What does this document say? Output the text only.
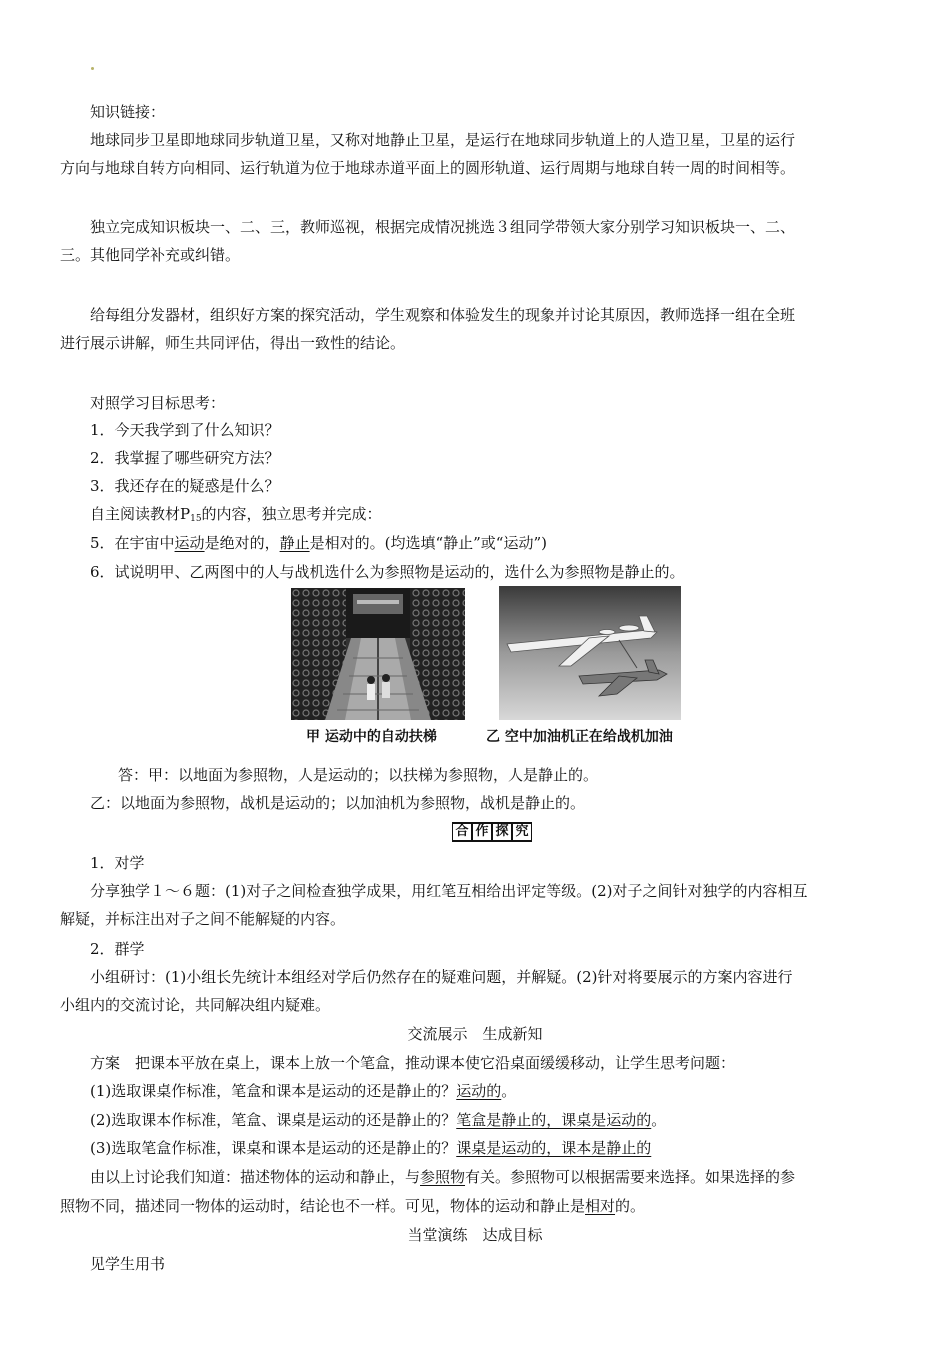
知识链接：
地球同步卫星即地球同步轨道卫星，又称对地静止卫星，是运行在地球同步轨道上的人造卫星，卫星的运行
方向与地球自转方向相同、运行轨道为位于地球赤道平面上的圆形轨道、运行周期与地球自转一周的时间相等。
独立完成知识板块一、二、三，教师巡视，根据完成情况挑选３组同学带领大家分别学习知识板块一、二、
三。其他同学补充或纠错。
给每组分发器材，组织好方案的探究活动，学生观察和体验发生的现象并讨论其原因，教师选择一组在全班
进行展示讲解，师生共同评估，得出一致性的结论。
对照学习目标思考：
1．今天我学到了什么知识？
2．我掌握了哪些研究方法？
3．我还存在的疑惑是什么？
自主阅读教材$P_{15}$的内容，独立思考并完成：
5．在宇宙中运动是绝对的，静止是相对的。(均选填“静止”或“运动”)
6．试说明甲、乙两图中的人与战机选什么为参照物是运动的，选什么为参照物是静止的。
甲 运动中的自动扶梯	乙 空中加油机正在给战机加油
答：甲：以地面为参照物，人是运动的；以扶梯为参照物，人是静止的。
乙：以地面为参照物，战机是运动的；以加油机为参照物，战机是静止的。
合 作 探 究
1．对学
分享独学１～６题：(1)对子之间检查独学成果，用红笔互相给出评定等级。(2)对子之间针对独学的内容相互
解疑，并标注出对子之间不能解疑的内容。
2．群学
小组研讨：(1)小组长先统计本组经对学后仍然存在的疑难问题，并解疑。(2)针对将要展示的方案内容进行
小组内的交流讨论，共同解决组内疑难。
交流展示　生成新知
方案　把课本平放在桌上，课本上放一个笔盒，推动课本使它沿桌面缓缓移动，让学生思考问题：
(1)选取课桌作标准，笔盒和课本是运动的还是静止的？运动的。
(2)选取课本作标准，笔盒、课桌是运动的还是静止的？笔盒是静止的，课桌是运动的。
(3)选取笔盒作标准，课桌和课本是运动的还是静止的？课桌是运动的，课本是静止的
由以上讨论我们知道：描述物体的运动和静止，与参照物有关。参照物可以根据需要来选择。如果选择的参
照物不同，描述同一物体的运动时，结论也不一样。可见，物体的运动和静止是相对的。
当堂演练　达成目标
见学生用书
